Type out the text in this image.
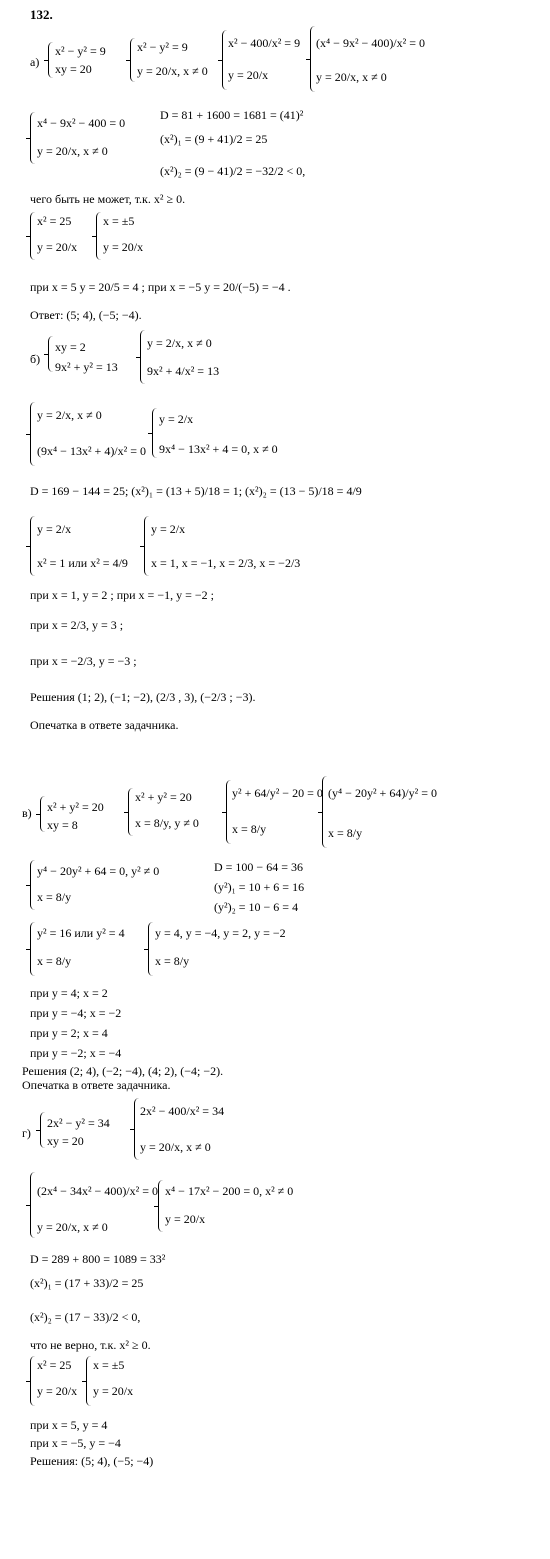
132.
а)
x² − y² = 9
xy = 20
x² − y² = 9
y = 20/x, x ≠ 0
x² − 400/x² = 9
y = 20/x
(x⁴ − 9x² − 400)/x² = 0
y = 20/x, x ≠ 0
x⁴ − 9x² − 400 = 0
y = 20/x, x ≠ 0
D = 81 + 1600 = 1681 = (41)²
(x²)₁ = (9 + 41)/2 = 25
(x²)₂ = (9 − 41)/2 = −32/2 < 0,
чего быть не может, т.к. x² ≥ 0.
x² = 25
y = 20/x
x = ±5
y = 20/x
при x = 5 y = 20/5 = 4 ; при x = −5 y = 20/(−5) = −4 .
Ответ: (5; 4), (−5; −4).
б)
xy = 2
9x² + y² = 13
y = 2/x, x ≠ 0
9x² + 4/x² = 13
y = 2/x, x ≠ 0
(9x⁴ − 13x² + 4)/x² = 0
y = 2/x
9x⁴ − 13x² + 4 = 0, x ≠ 0
D = 169 − 144 = 25; (x²)₁ = (13 + 5)/18 = 1; (x²)₂ = (13 − 5)/18 = 4/9
y = 2/x
x² = 1 или x² = 4/9
y = 2/x
x = 1, x = −1, x = 2/3, x = −2/3
при x = 1, y = 2 ; при x = −1, y = −2 ;
при x = 2/3, y = 3 ;
при x = −2/3, y = −3 ;
Решения (1; 2), (−1; −2), (2/3 , 3), (−2/3 ; −3).
Опечатка в ответе задачника.
в) x² + y² = 20
xy = 8
x² + y² = 20
x = 8/y, y ≠ 0
y² + 64/y² − 20 = 0
x = 8/y
(y⁴ − 20y² + 64)/y² = 0
x = 8/y
y⁴ − 20y² + 64 = 0, y² ≠ 0
x = 8/y
D = 100 − 64 = 36
(y²)₁ = 10 + 6 = 16
(y²)₂ = 10 − 6 = 4
y² = 16 или y² = 4
x = 8/y
y = 4, y = −4, y = 2, y = −2
x = 8/y
при y = 4; x = 2
при y = −4; x = −2
при y = 2; x = 4
при y = −2; x = −4
Решения (2; 4), (−2; −4), (4; 2), (−4; −2).
Опечатка в ответе задачника.
г)
2x² − y² = 34
xy = 20
2x² − 400/x² = 34
y = 20/x, x ≠ 0
(2x⁴ − 34x² − 400)/x² = 0
y = 20/x, x ≠ 0
x⁴ − 17x² − 200 = 0, x² ≠ 0
y = 20/x
D = 289 + 800 = 1089 = 33²
(x²)₁ = (17 + 33)/2 = 25
(x²)₂ = (17 − 33)/2 < 0,
что не верно, т.к. x² ≥ 0.
x² = 25
y = 20/x
x = ±5
y = 20/x
при x = 5, y = 4
при x = −5, y = −4
Решения: (5; 4), (−5; −4)
